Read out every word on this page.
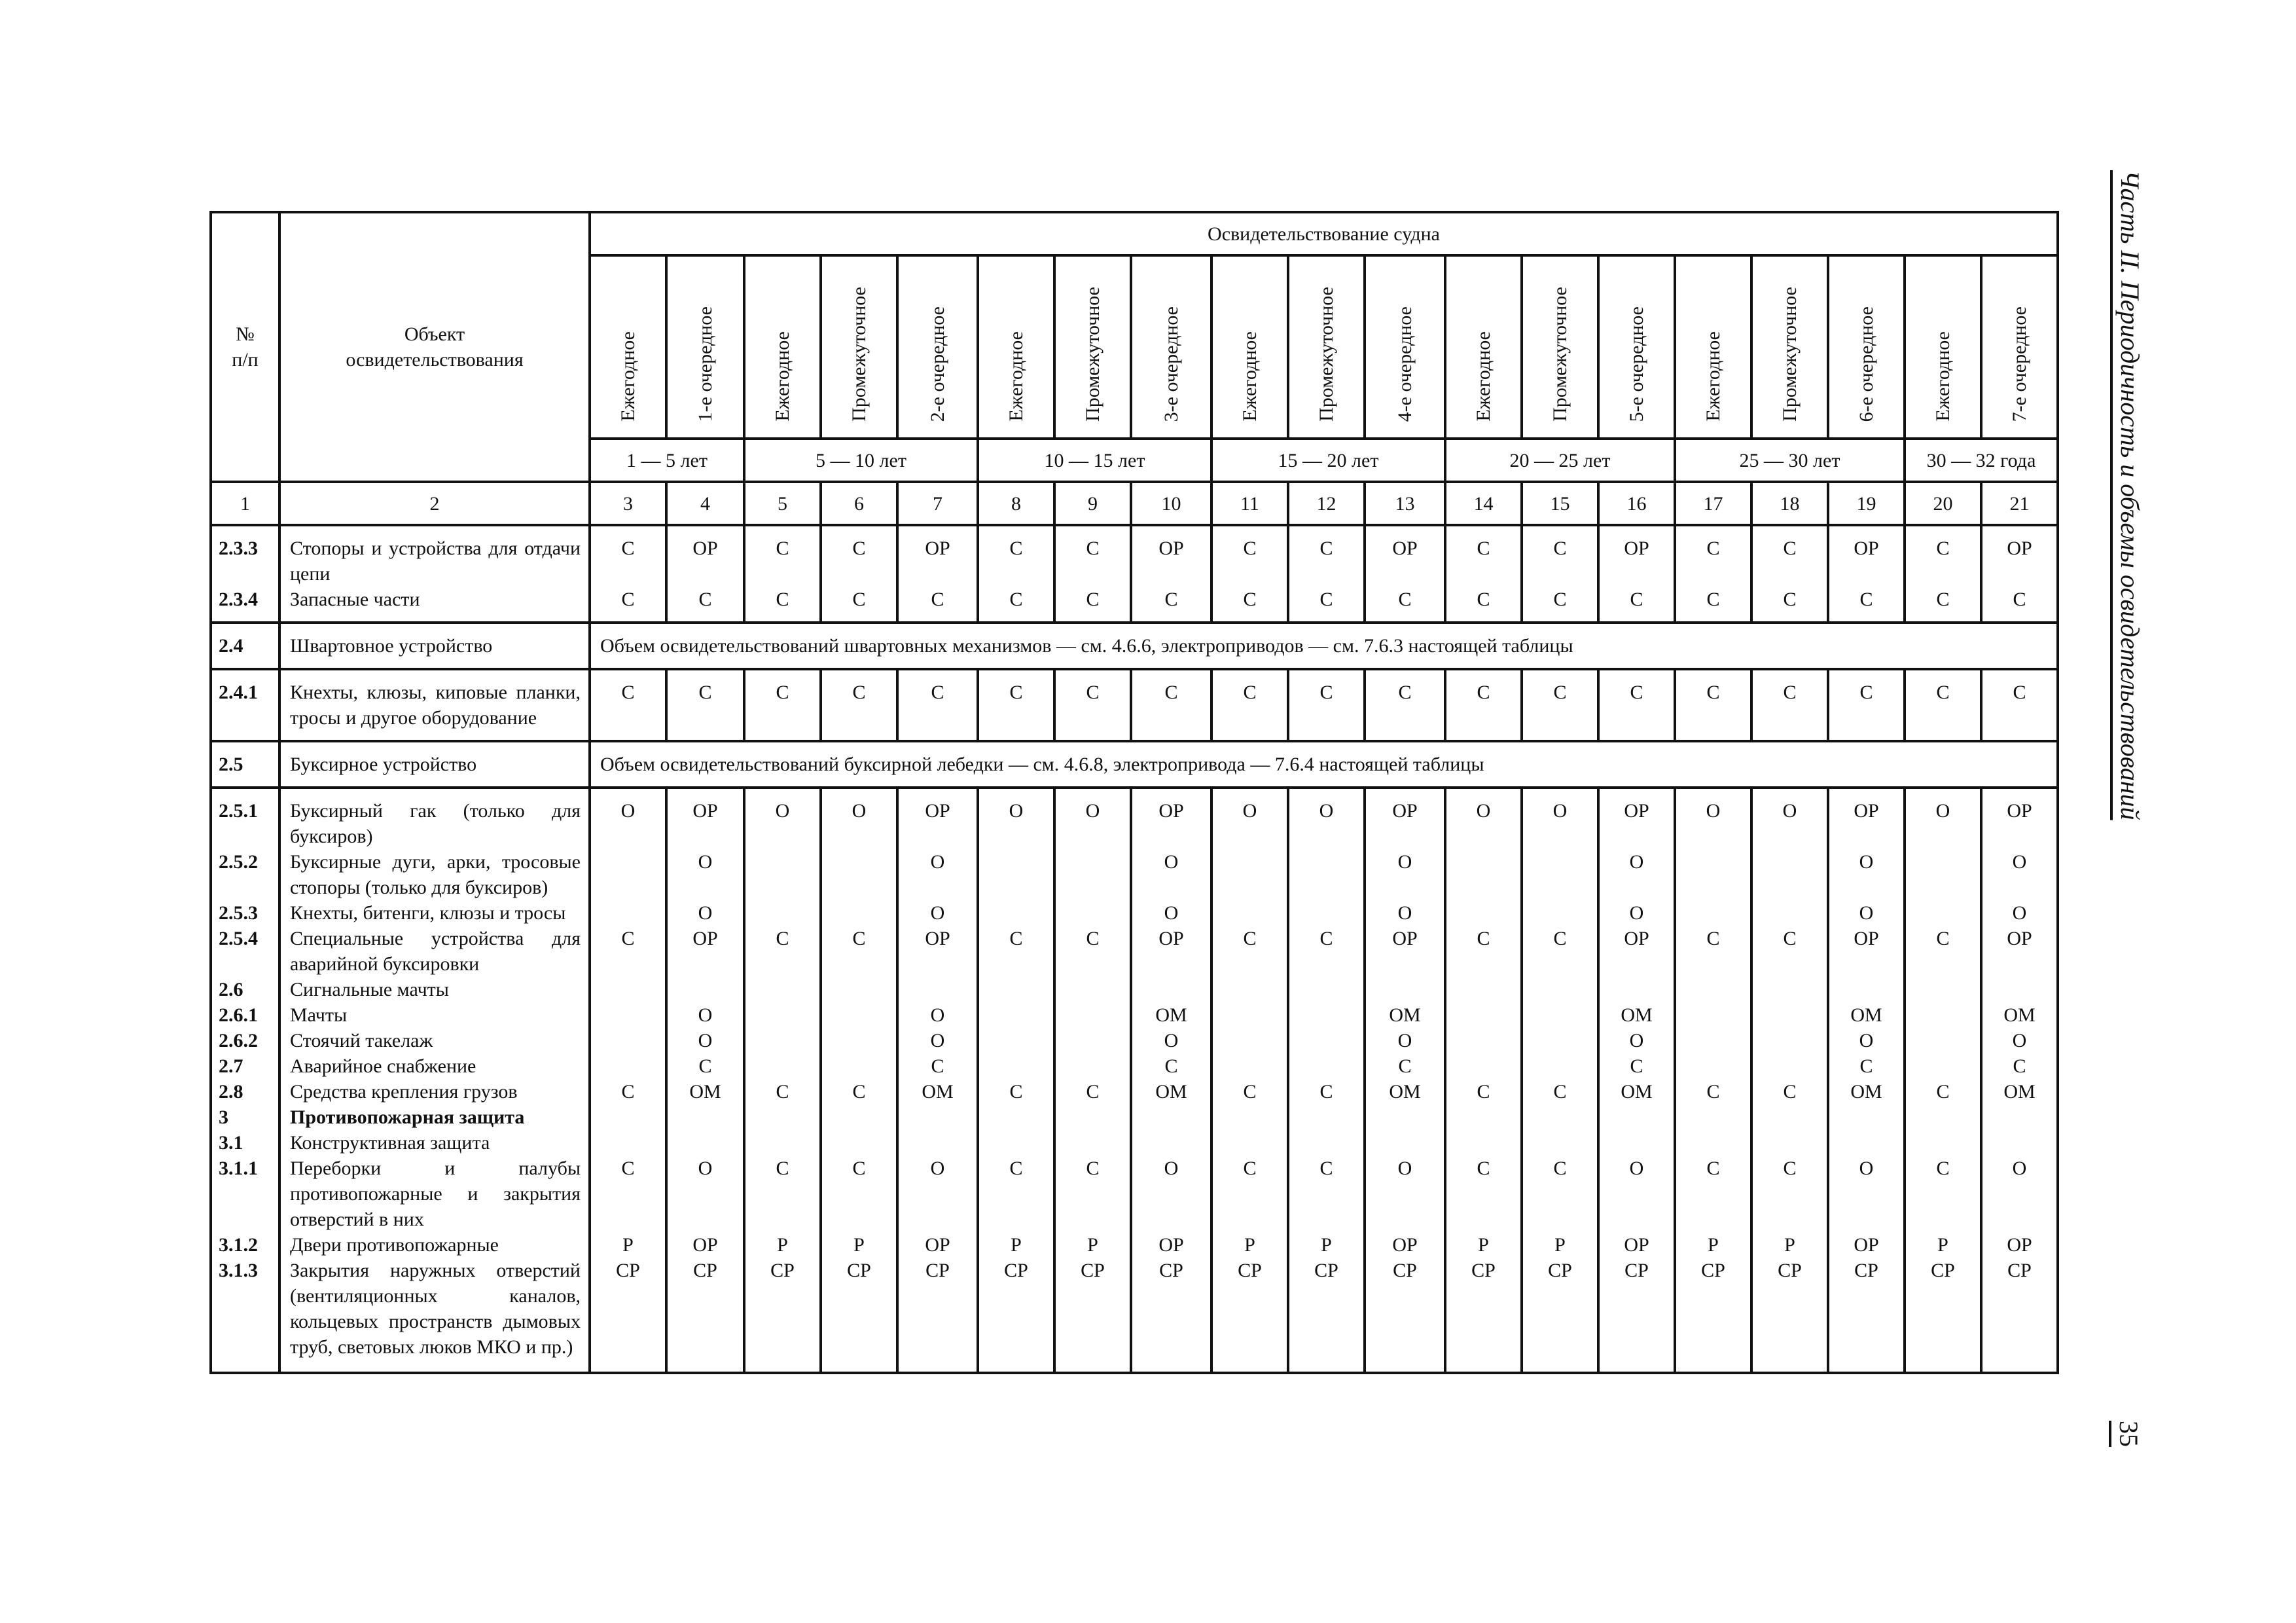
Часть II. Периодичность и объемы освидетельствований
35
№
п/п	Объект
освидетельствования	Освидетельствование судна																		
		Ежегодное	1-е очередное	Ежегодное	Промежуточное	2-е очередное	Ежегодное	Промежуточное	3-е очередное	Ежегодное	Промежуточное	4-е очередное	Ежегодное	Промежуточное	5-е очередное	Ежегодное	Промежуточное	6-е очередное	Ежегодное	7-е очередное
		1 — 5 лет		5 — 10 лет			10 — 15 лет			15 — 20 лет			20 — 25 лет			25 — 30 лет			30 — 32 года	
1	2	3	4	5	6	7	8	9	10	11	12	13	14	15	16	17	18	19	20	21
2.3.3	Стопоры и устройства для отдачи цепи	С	ОР	С	С	ОР	С	С	ОР	С	С	ОР	С	С	ОР	С	С	ОР	С	ОР
2.3.4	Запасные части	С	С	С	С	С	С	С	С	С	С	С	С	С	С	С	С	С	С	С
2.4	Швартовное устройство	Объем освидетельствований швартовных механизмов — см. 4.6.6, электроприводов — см. 7.6.3 настоящей таблицы																		
2.4.1	Кнехты, клюзы, киповые планки, тросы и другое оборудование	С	С	С	С	С	С	С	С	С	С	С	С	С	С	С	С	С	С	С
2.5	Буксирное устройство	Объем освидетельствований буксирной лебедки — см. 4.6.8, электропривода — 7.6.4 настоящей таблицы																		
2.5.1	Буксирный гак (только для буксиров)	О	ОР	О	О	ОР	О	О	ОР	О	О	ОР	О	О	ОР	О	О	ОР	О	ОР
2.5.2	Буксирные дуги, арки, тросовые стопоры (только для буксиров)		О			О			О			О			О			О		О
2.5.3	Кнехты, битенги, клюзы и тросы		О			О			О			О			О			О		О
2.5.4	Специальные устройства для аварийной буксировки	С	ОР	С	С	ОР	С	С	ОР	С	С	ОР	С	С	ОР	С	С	ОР	С	ОР
2.6	Сигнальные мачты																			
2.6.1	Мачты		О			О			ОМ			ОМ			ОМ			ОМ		ОМ
2.6.2	Стоячий такелаж		О			О			О			О			О			О		О
2.7	Аварийное снабжение		С			С			С			С			С			С		С
2.8	Средства крепления грузов	С	ОМ	С	С	ОМ	С	С	ОМ	С	С	ОМ	С	С	ОМ	С	С	ОМ	С	ОМ
3	Противопожарная защита																			
3.1	Конструктивная защита																			
3.1.1	Переборки и палубы противопожарные и закрытия отверстий в них	С	О	С	С	О	С	С	О	С	С	О	С	С	О	С	С	О	С	О
3.1.2	Двери противопожарные	Р	ОР	Р	Р	ОР	Р	Р	ОР	Р	Р	ОР	Р	Р	ОР	Р	Р	ОР	Р	ОР
3.1.3	Закрытия наружных отверстий (вентиляционных каналов, кольцевых пространств дымовых труб, световых люков МКО и пр.)	СР	СР	СР	СР	СР	СР	СР	СР	СР	СР	СР	СР	СР	СР	СР	СР	СР	СР	СР
